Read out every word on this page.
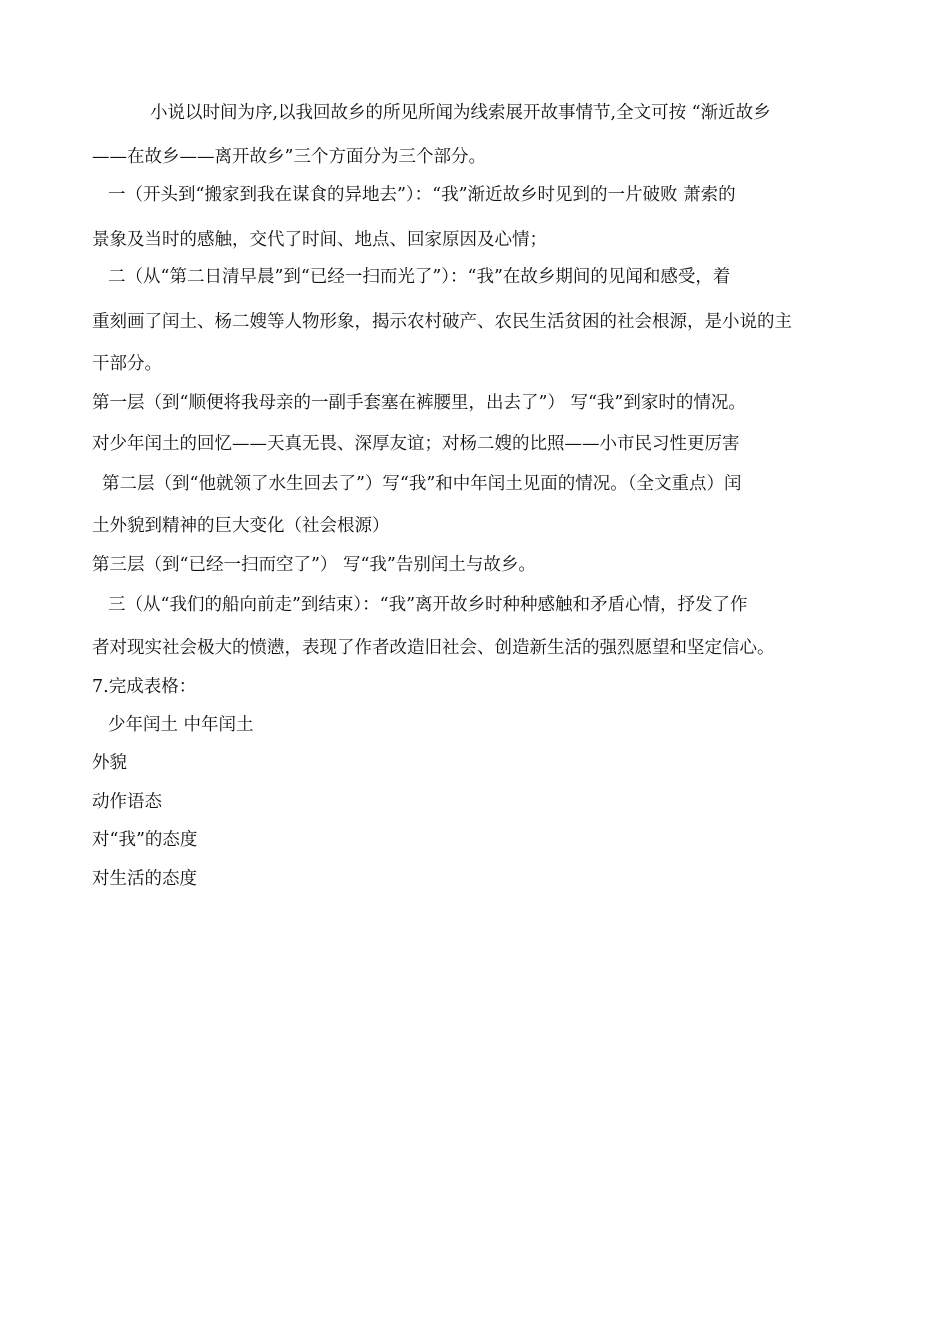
小说以时间为序,以我回故乡的所见所闻为线索展开故事情节,全文可按 “渐近故乡
——在故乡——离开故乡”三个方面分为三个部分。
一（开头到“搬家到我在谋食的异地去”）：“我”渐近故乡时见到的一片破败 萧索的
景象及当时的感触，交代了时间、地点、回家原因及心情；
二（从“第二日清早晨”到“已经一扫而光了”）：“我”在故乡期间的见闻和感受，着
重刻画了闰土、杨二嫂等人物形象，揭示农村破产、农民生活贫困的社会根源，是小说的主
干部分。
第一层（到“顺便将我母亲的一副手套塞在裤腰里，出去了”） 写“我”到家时的情况。
对少年闰土的回忆——天真无畏、深厚友谊；对杨二嫂的比照——小市民习性更厉害
第二层（到“他就领了水生回去了”）写“我”和中年闰土见面的情况。（全文重点）闰
土外貌到精神的巨大变化（社会根源）
第三层（到“已经一扫而空了”） 写“我”告别闰土与故乡。
三（从“我们的船向前走”到结束）：“我”离开故乡时种种感触和矛盾心情，抒发了作
者对现实社会极大的愤懑，表现了作者改造旧社会、创造新生活的强烈愿望和坚定信心。
7.完成表格：
少年闰土 中年闰土
外貌
动作语态
对“我”的态度
对生活的态度
